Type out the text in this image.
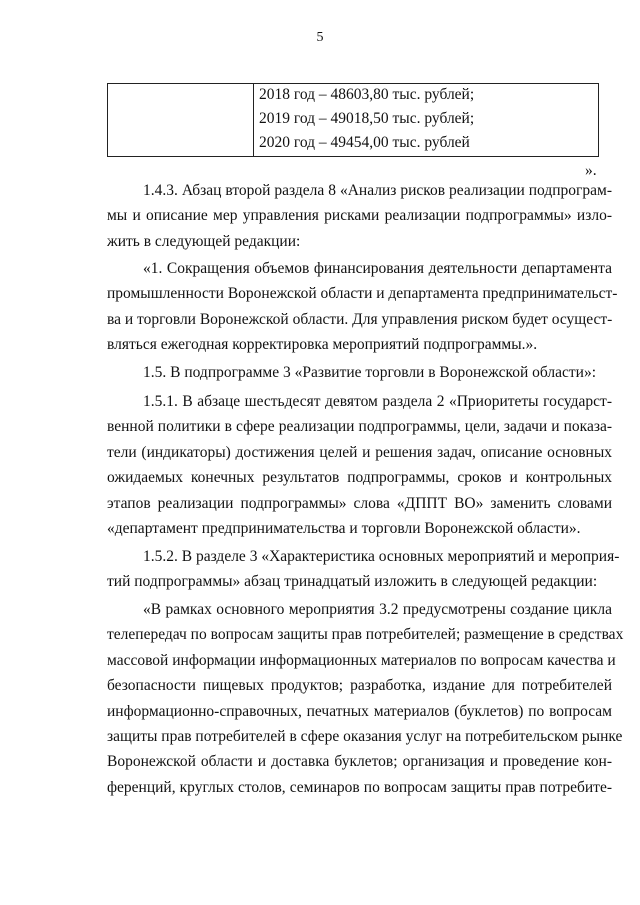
5
2018 год – 48603,80 тыс. рублей;
2019 год – 49018,50 тыс. рублей;
2020 год – 49454,00 тыс. рублей
».
1.4.3. Абзац второй раздела 8 «Анализ рисков реализации подпрограм-
мы и описание мер управления рисками реализации подпрограммы» изло-
жить в следующей редакции:
«1. Сокращения объемов финансирования деятельности департамента
промышленности Воронежской области и департамента предпринимательст-
ва и торговли Воронежской области. Для управления риском будет осущест-
вляться ежегодная корректировка мероприятий подпрограммы.».
1.5. В подпрограмме 3 «Развитие торговли в Воронежской области»:
1.5.1. В абзаце шестьдесят девятом раздела 2 «Приоритеты государст-
венной политики в сфере реализации подпрограммы, цели, задачи и показа-
тели (индикаторы) достижения целей и решения задач, описание основных
ожидаемых конечных результатов подпрограммы, сроков и контрольных
этапов реализации подпрограммы» слова «ДППТ ВО» заменить словами
«департамент предпринимательства и торговли Воронежской области».
1.5.2. В разделе 3 «Характеристика основных мероприятий и мероприя-
тий подпрограммы» абзац тринадцатый изложить в следующей редакции:
«В рамках основного мероприятия 3.2 предусмотрены создание цикла
телепередач по вопросам защиты прав потребителей; размещение в средствах
массовой информации информационных материалов по вопросам качества и
безопасности пищевых продуктов; разработка, издание для потребителей
информационно-справочных, печатных материалов (буклетов) по вопросам
защиты прав потребителей в сфере оказания услуг на потребительском рынке
Воронежской области и доставка буклетов; организация и проведение кон-
ференций, круглых столов, семинаров по вопросам защиты прав потребите-
